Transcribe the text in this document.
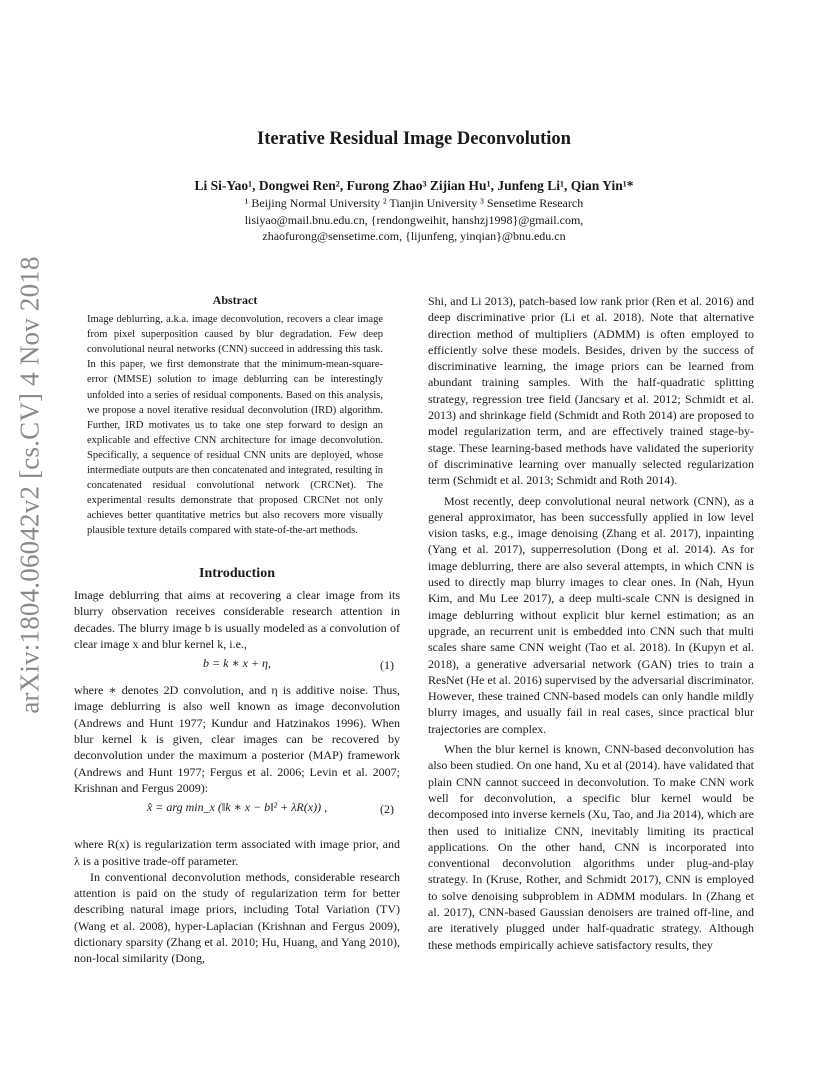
arXiv:1804.06042v2 [cs.CV] 4 Nov 2018
Iterative Residual Image Deconvolution
Li Si-Yao¹, Dongwei Ren², Furong Zhao³ Zijian Hu¹, Junfeng Li¹, Qian Yin¹*
¹ Beijing Normal University ² Tianjin University ³ Sensetime Research
lisiyao@mail.bnu.edu.cn, {rendongweihit, hanshzj1998}@gmail.com,
zhaofurong@sensetime.com, {lijunfeng, yinqian}@bnu.edu.cn
Abstract

Image deblurring, a.k.a. image deconvolution, recovers a clear image from pixel superposition caused by blur degradation. Few deep convolutional neural networks (CNN) succeed in addressing this task. In this paper, we first demonstrate that the minimum-mean-square-error (MMSE) solution to image deblurring can be interestingly unfolded into a series of residual components. Based on this analysis, we propose a novel iterative residual deconvolution (IRD) algorithm. Further, IRD motivates us to take one step forward to design an explicable and effective CNN architecture for image deconvolution. Specifically, a sequence of residual CNN units are deployed, whose intermediate outputs are then concatenated and integrated, resulting in concatenated residual convolutional network (CRCNet). The experimental results demonstrate that proposed CRCNet not only achieves better quantitative metrics but also recovers more visually plausible texture details compared with state-of-the-art methods.

Introduction

Image deblurring that aims at recovering a clear image from its blurry observation receives considerable research attention in decades. The blurry image b is usually modeled as a convolution of clear image x and blur kernel k, i.e.,

b = k ∗ x + η,	(1)

where ∗ denotes 2D convolution, and η is additive noise. Thus, image deblurring is also well known as image deconvolution (Andrews and Hunt 1977; Kundur and Hatzinakos 1996). When blur kernel k is given, clear images can be recovered by deconvolution under the maximum a posterior (MAP) framework (Andrews and Hunt 1977; Fergus et al. 2006; Levin et al. 2007; Krishnan and Fergus 2009):

x̂ = arg min_x (‖k ∗ x − b‖² + λR(x)) ,	(2)

where R(x) is regularization term associated with image prior, and λ is a positive trade-off parameter.

In conventional deconvolution methods, considerable research attention is paid on the study of regularization term for better describing natural image priors, including Total Variation (TV) (Wang et al. 2008), hyper-Laplacian (Krishnan and Fergus 2009), dictionary sparsity (Zhang et al. 2010; Hu, Huang, and Yang 2010), non-local similarity (Dong,

Shi, and Li 2013), patch-based low rank prior (Ren et al. 2016) and deep discriminative prior (Li et al. 2018). Note that alternative direction method of multipliers (ADMM) is often employed to efficiently solve these models. Besides, driven by the success of discriminative learning, the image priors can be learned from abundant training samples. With the half-quadratic splitting strategy, regression tree field (Jancsary et al. 2012; Schmidt et al. 2013) and shrinkage field (Schmidt and Roth 2014) are proposed to model regularization term, and are effectively trained stage-by-stage. These learning-based methods have validated the superiority of discriminative learning over manually selected regularization term (Schmidt et al. 2013; Schmidt and Roth 2014).

Most recently, deep convolutional neural network (CNN), as a general approximator, has been successfully applied in low level vision tasks, e.g., image denoising (Zhang et al. 2017), inpainting (Yang et al. 2017), supperresolution (Dong et al. 2014). As for image deblurring, there are also several attempts, in which CNN is used to directly map blurry images to clear ones. In (Nah, Hyun Kim, and Mu Lee 2017), a deep multi-scale CNN is designed in image deblurring without explicit blur kernel estimation; as an upgrade, an recurrent unit is embedded into CNN such that multi scales share same CNN weight (Tao et al. 2018). In (Kupyn et al. 2018), a generative adversarial network (GAN) tries to train a ResNet (He et al. 2016) supervised by the adversarial discriminator. However, these trained CNN-based models can only handle mildly blurry images, and usually fail in real cases, since practical blur trajectories are complex.

When the blur kernel is known, CNN-based deconvolution has also been studied. On one hand, Xu et al (2014). have validated that plain CNN cannot succeed in deconvolution. To make CNN work well for deconvolution, a specific blur kernel would be decomposed into inverse kernels (Xu, Tao, and Jia 2014), which are then used to initialize CNN, inevitably limiting its practical applications. On the other hand, CNN is incorporated into conventional deconvolution algorithms under plug-and-play strategy. In (Kruse, Rother, and Schmidt 2017), CNN is employed to solve denoising subproblem in ADMM modulars. In (Zhang et al. 2017), CNN-based Gaussian denoisers are trained off-line, and are iteratively plugged under half-quadratic strategy. Although these methods empirically achieve satisfactory results, they
